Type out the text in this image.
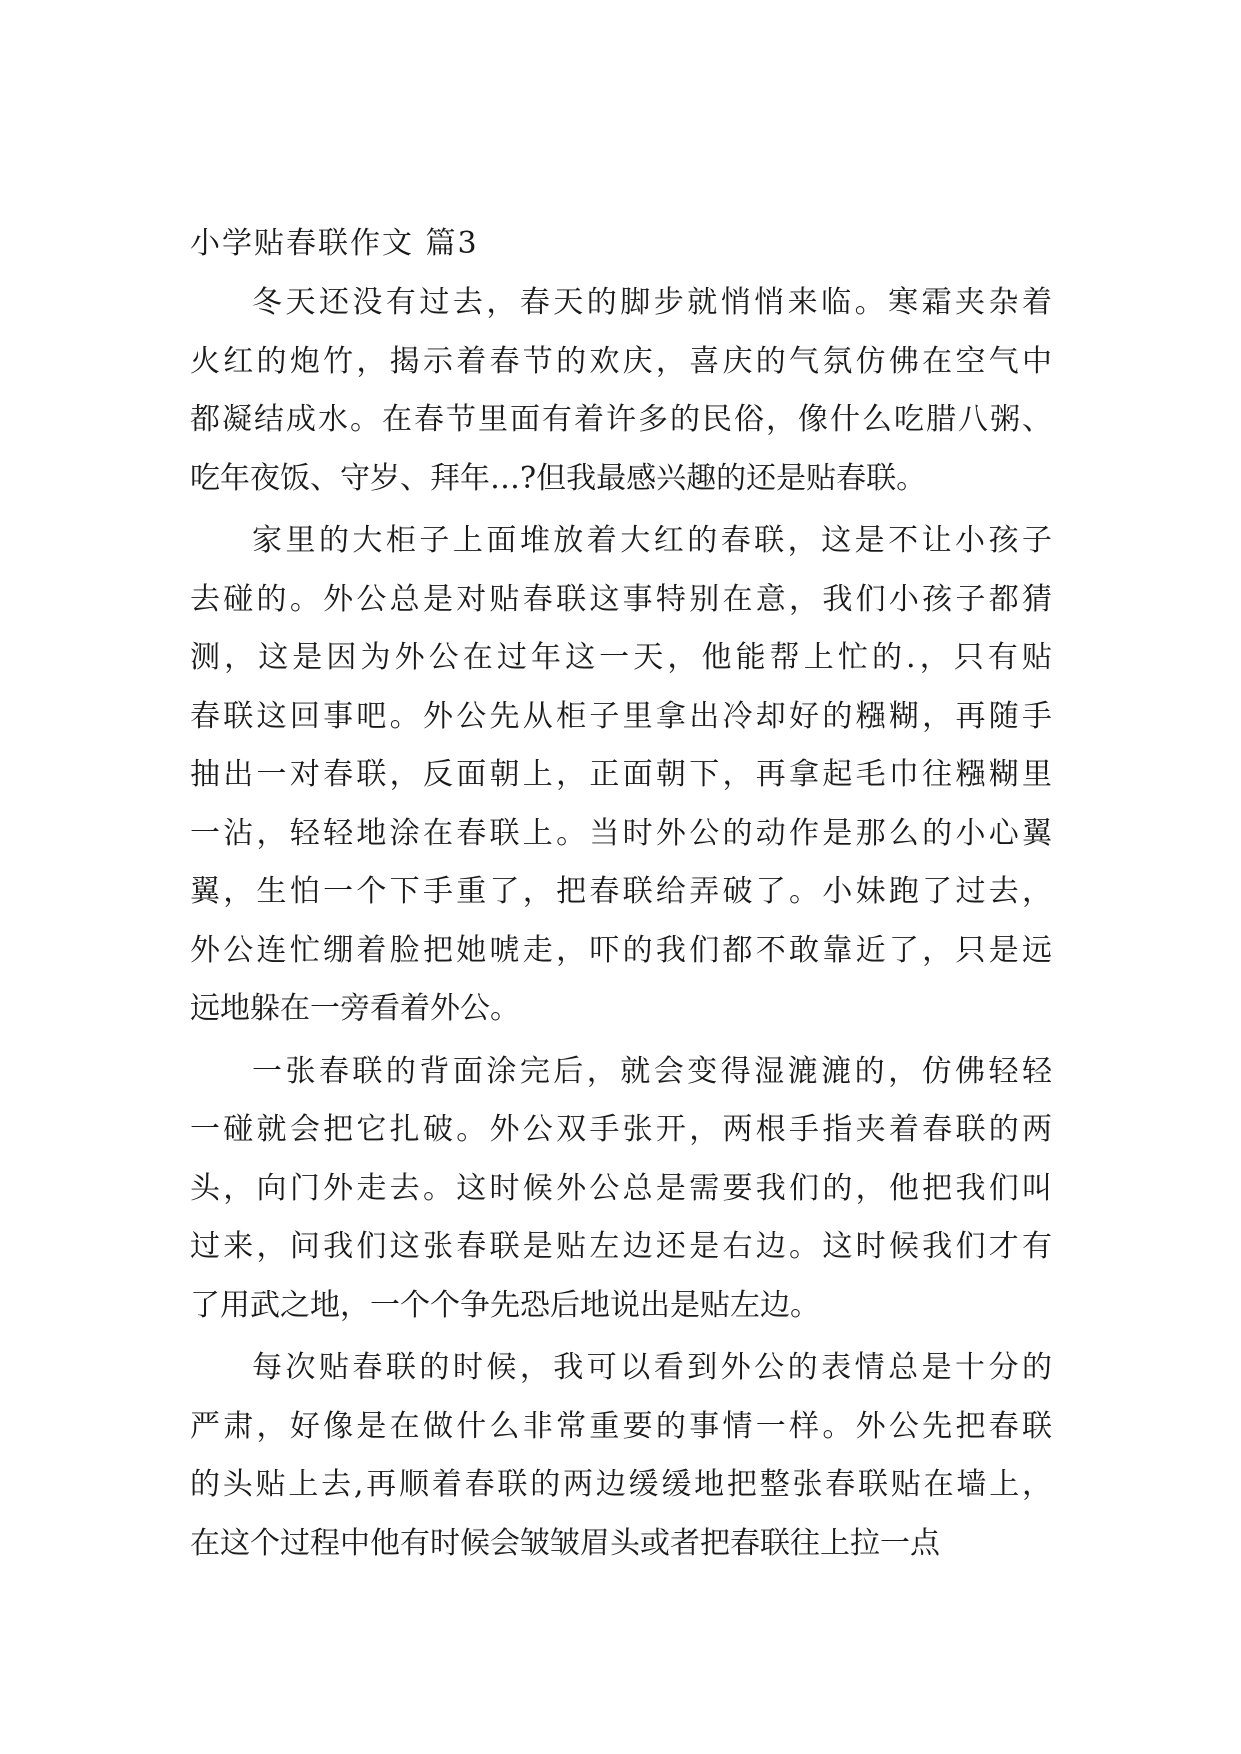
小学贴春联作文 篇3
冬天还没有过去，春天的脚步就悄悄来临。寒霜夹杂着
火红的炮竹，揭示着春节的欢庆，喜庆的气氛仿佛在空气中
都凝结成水。在春节里面有着许多的民俗，像什么吃腊八粥、
吃年夜饭、守岁、拜年…?但我最感兴趣的还是贴春联。
家里的大柜子上面堆放着大红的春联，这是不让小孩子
去碰的。外公总是对贴春联这事特别在意，我们小孩子都猜
测，这是因为外公在过年这一天，他能帮上忙的.，只有贴
春联这回事吧。外公先从柜子里拿出冷却好的糨糊，再随手
抽出一对春联，反面朝上，正面朝下，再拿起毛巾往糨糊里
一沾，轻轻地涂在春联上。当时外公的动作是那么的小心翼
翼，生怕一个下手重了，把春联给弄破了。小妹跑了过去，
外公连忙绷着脸把她唬走，吓的我们都不敢靠近了，只是远
远地躲在一旁看着外公。
一张春联的背面涂完后，就会变得湿漉漉的，仿佛轻轻
一碰就会把它扎破。外公双手张开，两根手指夹着春联的两
头，向门外走去。这时候外公总是需要我们的，他把我们叫
过来，问我们这张春联是贴左边还是右边。这时候我们才有
了用武之地，一个个争先恐后地说出是贴左边。
每次贴春联的时候，我可以看到外公的表情总是十分的
严肃，好像是在做什么非常重要的事情一样。外公先把春联
的头贴上去,再顺着春联的两边缓缓地把整张春联贴在墙上，
在这个过程中他有时候会皱皱眉头或者把春联往上拉一点
